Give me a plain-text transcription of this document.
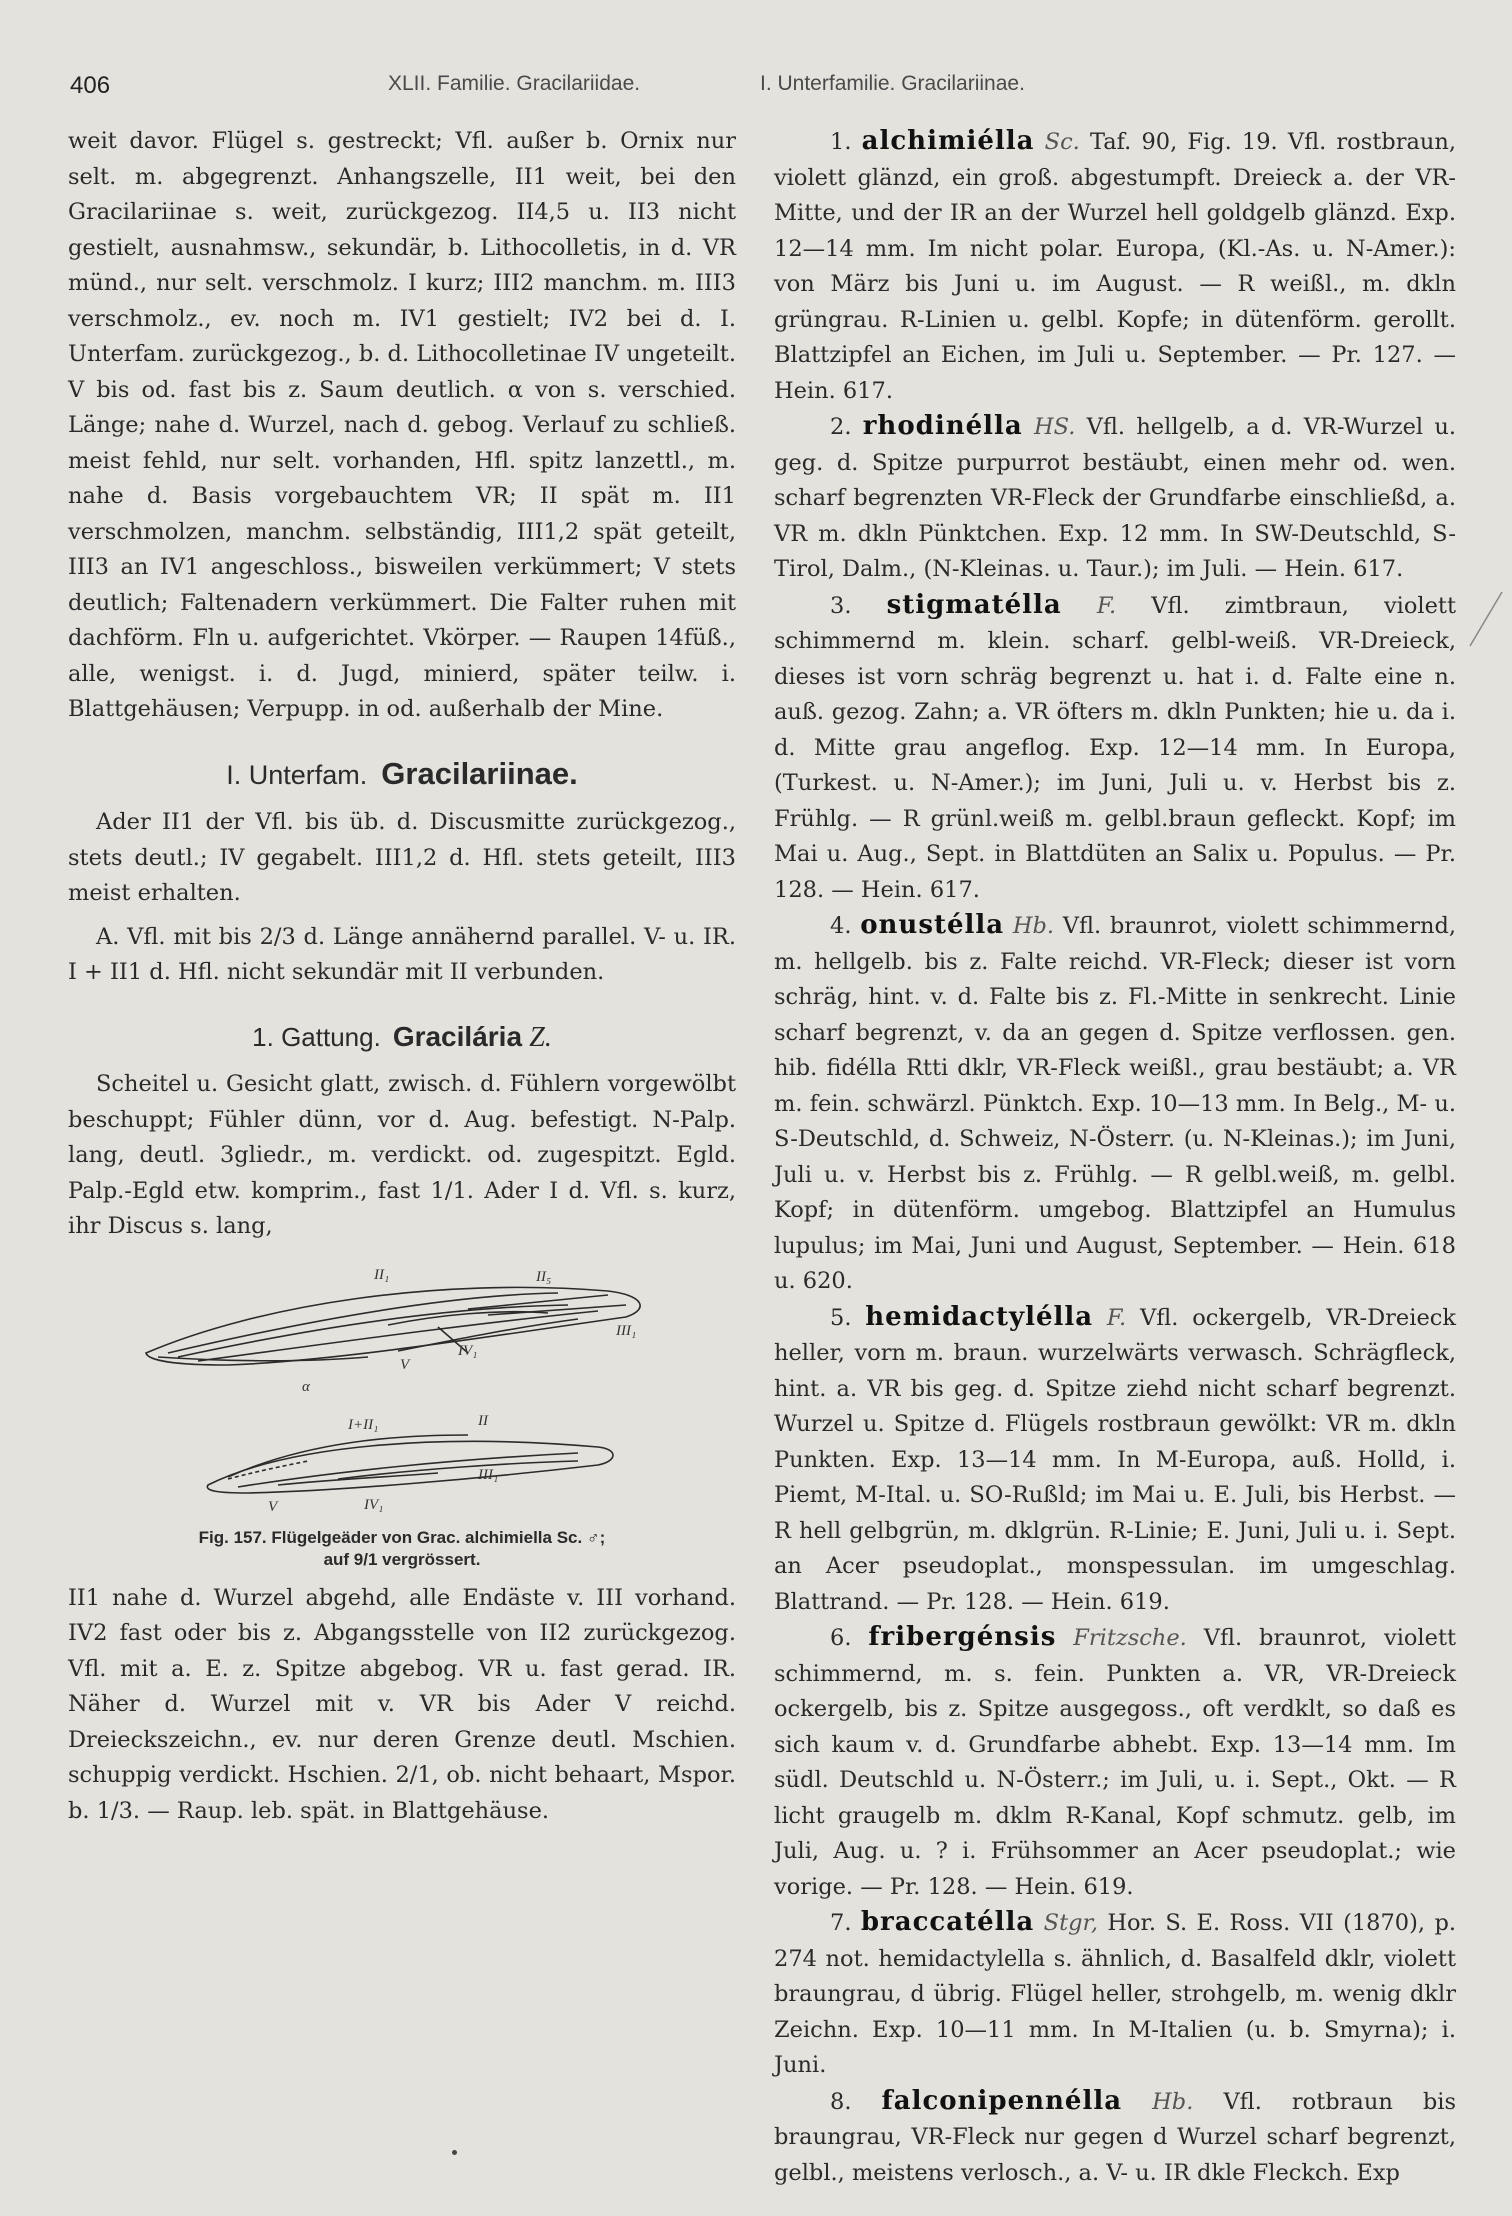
406	XLII. Familie. Gracilariidae.	I. Unterfamilie. Gracilariinae.

weit davor. Flügel s. gestreckt; Vfl. außer b. Ornix nur selt. m. abgegrenzt. Anhangszelle, II1 weit, bei den Gracilariinae s. weit, zurückgezog. II4,5 u. II3 nicht gestielt, ausnahmsw., sekundär, b. Lithocolletis, in d. VR münd., nur selt. verschmolz. I kurz; III2 manchm. m. III3 verschmolz., ev. noch m. IV1 gestielt; IV2 bei d. I. Unterfam. zurückgezog., b. d. Lithocolletinae IV ungeteilt. V bis od. fast bis z. Saum deutlich. α von s. verschied. Länge; nahe d. Wurzel, nach d. gebog. Verlauf zu schließ. meist fehld, nur selt. vorhanden, Hfl. spitz lanzettl., m. nahe d. Basis vorgebauchtem VR; II spät m. II1 verschmolzen, manchm. selbständig, III1,2 spät geteilt, III3 an IV1 angeschloss., bisweilen verkümmert; V stets deutlich; Faltenadern verkümmert. Die Falter ruhen mit dachförm. Fln u. aufgerichtet. Vkörper. — Raupen 14füß., alle, wenigst. i. d. Jugd, minierd, später teilw. i. Blattgehäusen; Verpupp. in od. außerhalb der Mine.

I. Unterfam. Gracilariinae.

Ader II1 der Vfl. bis üb. d. Discusmitte zurückgezog., stets deutl.; IV gegabelt. III1,2 d. Hfl. stets geteilt, III3 meist erhalten.

A. Vfl. mit bis 2/3 d. Länge annähernd parallel. V- u. IR. I + II1 d. Hfl. nicht sekundär mit II verbunden.

1. Gattung. Gracilária Z.

Scheitel u. Gesicht glatt, zwisch. d. Fühlern vorgewölbt beschuppt; Fühler dünn, vor d. Aug. befestigt. N-Palp. lang, deutl. 3gliedr., m. verdickt. od. zugespitzt. Egld. Palp.-Egld etw. komprim., fast 1/1. Ader I d. Vfl. s. kurz, ihr Discus s. lang,

II₁	II₅
III₁
IV₁
V
α
I+II₁	II
III₁
IV₁
V
Fig. 157. Flügelgeäder von Grac. alchimiella Sc. ♂;
auf 9/1 vergrössert.

II1 nahe d. Wurzel abgehd, alle Endäste v. III vorhand. IV2 fast oder bis z. Abgangsstelle von II2 zurückgezog. Vfl. mit a. E. z. Spitze abgebog. VR u. fast gerad. IR. Näher d. Wurzel mit v. VR bis Ader V reichd. Dreieckszeichn., ev. nur deren Grenze deutl. Mschien. schuppig verdickt. Hschien. 2/1, ob. nicht behaart, Mspor. b. 1/3. — Raup. leb. spät. in Blattgehäuse.

1. alchimiélla Sc. Taf. 90, Fig. 19. Vfl. rostbraun, violett glänzd, ein groß. abgestumpft. Dreieck a. der VR-Mitte, und der IR an der Wurzel hell goldgelb glänzd. Exp. 12—14 mm. Im nicht polar. Europa, (Kl.-As. u. N-Amer.): von März bis Juni u. im August. — R weißl., m. dkln grüngrau. R-Linien u. gelbl. Kopfe; in dütenförm. gerollt. Blattzipfel an Eichen, im Juli u. September. — Pr. 127. — Hein. 617.

2. rhodinélla HS. Vfl. hellgelb, a d. VR-Wurzel u. geg. d. Spitze purpurrot bestäubt, einen mehr od. wen. scharf begrenzten VR-Fleck der Grundfarbe einschließd, a. VR m. dkln Pünktchen. Exp. 12 mm. In SW-Deutschld, S-Tirol, Dalm., (N-Kleinas. u. Taur.); im Juli. — Hein. 617.

3. stigmatélla F. Vfl. zimtbraun, violett schimmernd m. klein. scharf. gelbl-weiß. VR-Dreieck, dieses ist vorn schräg begrenzt u. hat i. d. Falte eine n. auß. gezog. Zahn; a. VR öfters m. dkln Punkten; hie u. da i. d. Mitte grau angeflog. Exp. 12—14 mm. In Europa, (Turkest. u. N-Amer.); im Juni, Juli u. v. Herbst bis z. Frühlg. — R grünl.weiß m. gelbl.braun gefleckt. Kopf; im Mai u. Aug., Sept. in Blattdüten an Salix u. Populus. — Pr. 128. — Hein. 617.

4. onustélla Hb. Vfl. braunrot, violett schimmernd, m. hellgelb. bis z. Falte reichd. VR-Fleck; dieser ist vorn schräg, hint. v. d. Falte bis z. Fl.-Mitte in senkrecht. Linie scharf begrenzt, v. da an gegen d. Spitze verflossen. gen. hib. fidélla Rtti dklr, VR-Fleck weißl., grau bestäubt; a. VR m. fein. schwärzl. Pünktch. Exp. 10—13 mm. In Belg., M- u. S-Deutschld, d. Schweiz, N-Österr. (u. N-Kleinas.); im Juni, Juli u. v. Herbst bis z. Frühlg. — R gelbl.weiß, m. gelbl. Kopf; in dütenförm. umgebog. Blattzipfel an Humulus lupulus; im Mai, Juni und August, September. — Hein. 618 u. 620.

5. hemidactylélla F. Vfl. ockergelb, VR-Dreieck heller, vorn m. braun. wurzelwärts verwasch. Schrägfleck, hint. a. VR bis geg. d. Spitze ziehd nicht scharf begrenzt. Wurzel u. Spitze d. Flügels rostbraun gewölkt: VR m. dkln Punkten. Exp. 13—14 mm. In M-Europa, auß. Holld, i. Piemt, M-Ital. u. SO-Rußld; im Mai u. E. Juli, bis Herbst. — R hell gelbgrün, m. dklgrün. R-Linie; E. Juni, Juli u. i. Sept. an Acer pseudoplat., monspessulan. im umgeschlag. Blattrand. — Pr. 128. — Hein. 619.

6. fribergénsis Fritzsche. Vfl. braunrot, violett schimmernd, m. s. fein. Punkten a. VR, VR-Dreieck ockergelb, bis z. Spitze ausgegoss., oft verdklt, so daß es sich kaum v. d. Grundfarbe abhebt. Exp. 13—14 mm. Im südl. Deutschld u. N-Österr.; im Juli, u. i. Sept., Okt. — R licht graugelb m. dklm R-Kanal, Kopf schmutz. gelb, im Juli, Aug. u. ? i. Frühsommer an Acer pseudoplat.; wie vorige. — Pr. 128. — Hein. 619.

7. braccatélla Stgr, Hor. S. E. Ross. VII (1870), p. 274 not. hemidactylella s. ähnlich, d. Basalfeld dklr, violett braungrau, d übrig. Flügel heller, strohgelb, m. wenig dklr Zeichn. Exp. 10—11 mm. In M-Italien (u. b. Smyrna); i. Juni.

8. falconipennélla Hb. Vfl. rotbraun bis braungrau, VR-Fleck nur gegen d Wurzel scharf begrenzt, gelbl., meistens verlosch., a. V- u. IR dkle Fleckch. Exp
